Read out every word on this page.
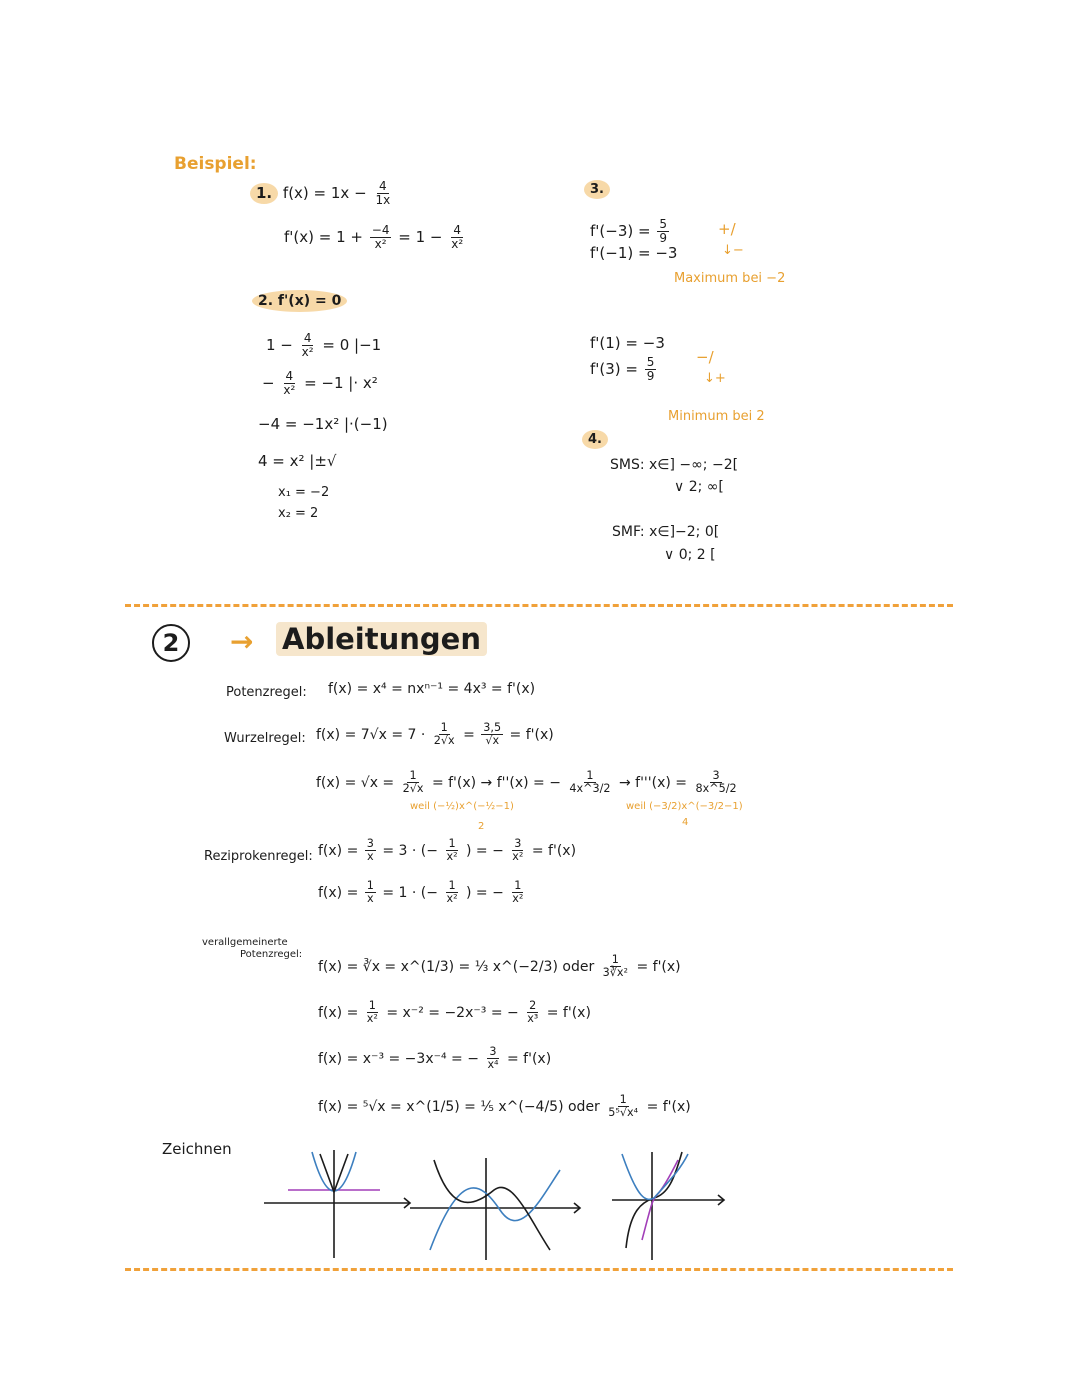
Beispiel:
1. $f(x) = 1x - \frac{4}{1x}$
$f'(x) = 1 + \frac{-4}{\text{x²}} = 1 - \frac{4}{\text{x²}}$
2. f'(x) = 0
$1 - \frac{4}{\text{x²}} = 0$ |−1
− $\frac{4}{\text{x²}} = -1$ |· x²
−4 = −1x² |·(−1)
4 = x² |±√
x₁ = −2
x₂ = 2
3.
$f'(-3) = \frac{5}{9}$
f'(−1) = −3
+/
↓−
Maximum bei −2
f'(1) = −3
$f'(3) = \frac{5}{9}$	−/
↓+
Minimum bei 2
4.
SMS: x∈] −∞; −2[
∨ 2; ∞[
SMF: x∈]−2; 0[
∨ 0; 2 [
2	→ Ableitungen
Potenzregel: f(x) = x⁴ = nxⁿ⁻¹ = 4x³ = f'(x)
Wurzelregel: $f(x) = 7√x = 7 \cdot \frac{1}{2√x} = \frac{3,5}{√x} = f'(x)$
$f(x) = √x = \frac{1}{2√x} = f'(x) \to f''(x)$ = − $\frac{1}{4x\^{}3/2} \to f'''(x) = \frac{3}{8x\^{}5/2}$
weil (−½)x^(−½−1)
2
weil (−3/2)x^(−3/2−1)
4
Reziprokenregel: $f(x) = \frac{3}{x} = 3$ · (− $\frac{1}{\text{x²}}$ ) = − $\frac{3}{\text{x²}} = f'(x)$
$f(x) = \frac{1}{x} = 1$ · (− $\frac{1}{\text{x²}}$ ) = − $\frac{1}{\text{x²}}$
verallgemeinerte
Potenzregel:
f(x) = ∛x = x^(1/3) = ⅓ x^(−2/3) oder $\frac{1}{\text{3∛x²}} = f'(x)$
$f(x) = \frac{1}{\text{x²}} = x^{-2} = -2x^{-3}$ = − $\frac{2}{\text{x³}} = f'(x)$
f(x) = x⁻³ = −3x⁻⁴ = − $\frac{3}{\text{x⁴}} = f'(x)$
f(x) = ⁵√x = x^(1/5) = ⅕ x^(−4/5) oder $\frac{1}{\text{5⁵√x⁴}} = f'(x)$
Zeichnen
